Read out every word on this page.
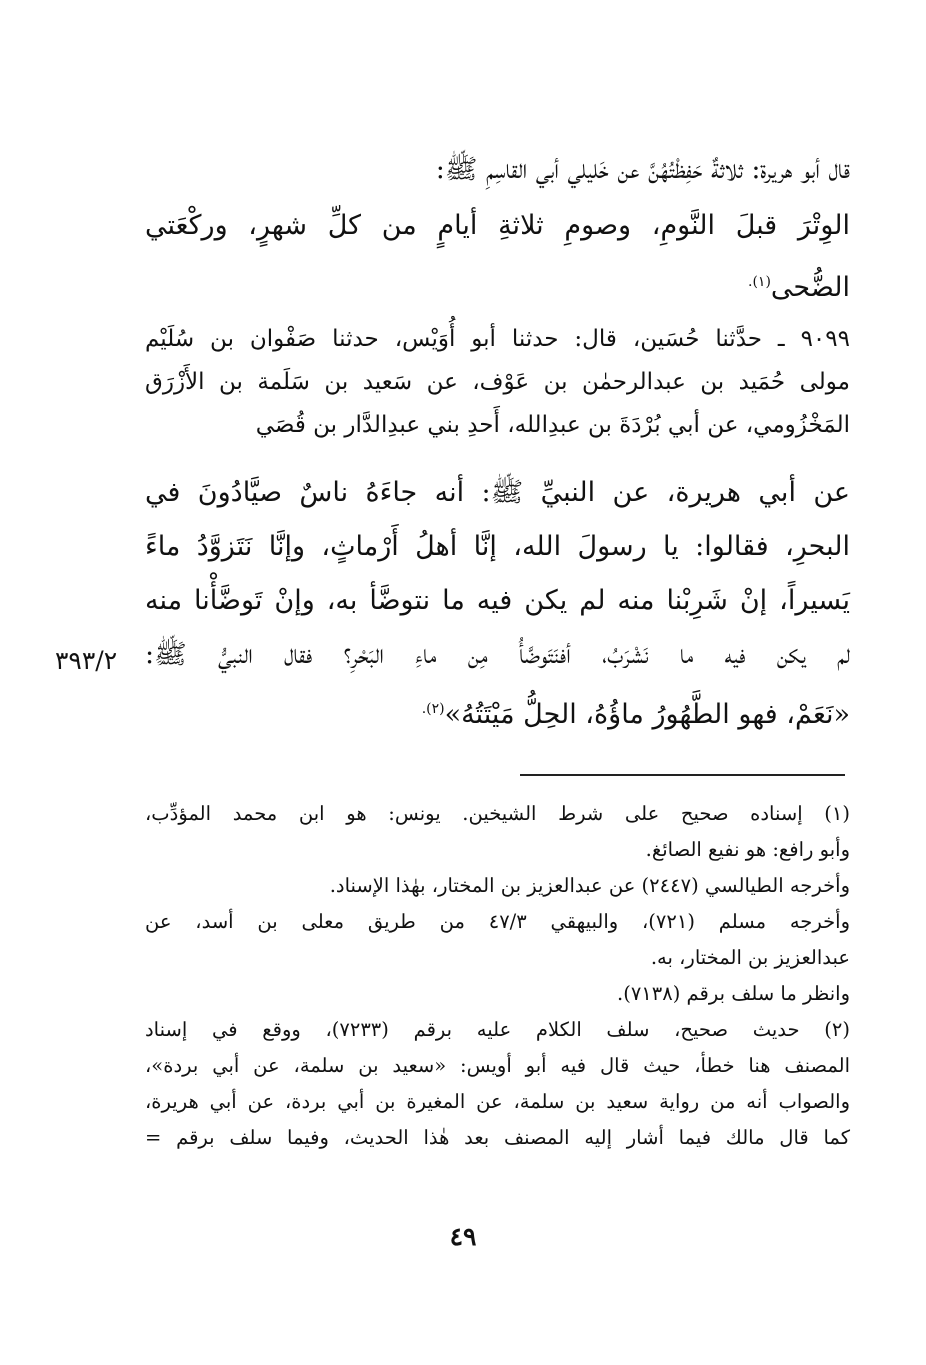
قال أبو هريرة: ثلاثةٌ حَفِظْتُهُنَّ عن خَليلي أبي القاسِمِ ﷺ:
الوِتْرَ قبلَ النَّومِ، وصومِ ثلاثةِ أيامٍ من كلِّ شهرٍ، وركْعَتي
الضُّحى$^{(١).}$
٩٠٩٩ ـ حدَّثنا حُسَين، قال: حدثنا أبو أُوَيْس، حدثنا صَفْوان بن سُلَيْم
مولى حُمَيد بن عبدالرحمٰن بن عَوْف، عن سَعيد بن سَلَمة بن الأَزْرَق
المَخْزُومي، عن أبي بُرْدَةَ بن عبدِالله، أَحدِ بني عبدِالدَّار بن قُصَي
عن أبي هريرة، عن النبيِّ ﷺ: أنه جاءَهُ ناسٌ صيَّادُونَ في
البحرِ، فقالوا: يا رسولَ الله، إنَّا أهلُ أَرْماثٍ، وإنَّا نَتَزوَّدُ ماءً
يَسيراً، إنْ شَرِبْنا منه لم يكن فيه ما نتوضَّأ به، وإنْ تَوضَّأْنا منه
لم يكن فيه ما نَشْرَبُ، أفنَتَوضَّأُ مِن ماءِ البَحْرِ؟ فقال النبيُّ ﷺ:
«نَعَمْ، فهو الطَّهُورُ ماؤُهُ، الحِلُّ مَيْتَتُهُ»$^{(٢).}$
٣٩٣/٢
(١) إسناده صحيح على شرط الشيخين. يونس: هو ابن محمد المؤدِّب،
وأبو رافع: هو نفيع الصائغ.
وأخرجه الطيالسي (٢٤٤٧) عن عبدالعزيز بن المختار، بهٰذا الإسناد.
وأخرجه مسلم (٧٢١)، والبيهقي ٤٧/٣ من طريق معلى بن أسد، عن
عبدالعزيز بن المختار، به.
وانظر ما سلف برقم (٧١٣٨).
(٢) حديث صحيح، سلف الكلام عليه برقم (٧٢٣٣)، ووقع في إسناد
المصنف هنا خطأ، حيث قال فيه أبو أويس: «سعيد بن سلمة، عن أبي بردة»،
والصواب أنه من رواية سعيد بن سلمة، عن المغيرة بن أبي بردة، عن أبي هريرة،
كما قال مالك فيما أشار إليه المصنف بعد هٰذا الحديث، وفيما سلف برقم =
٤٩
